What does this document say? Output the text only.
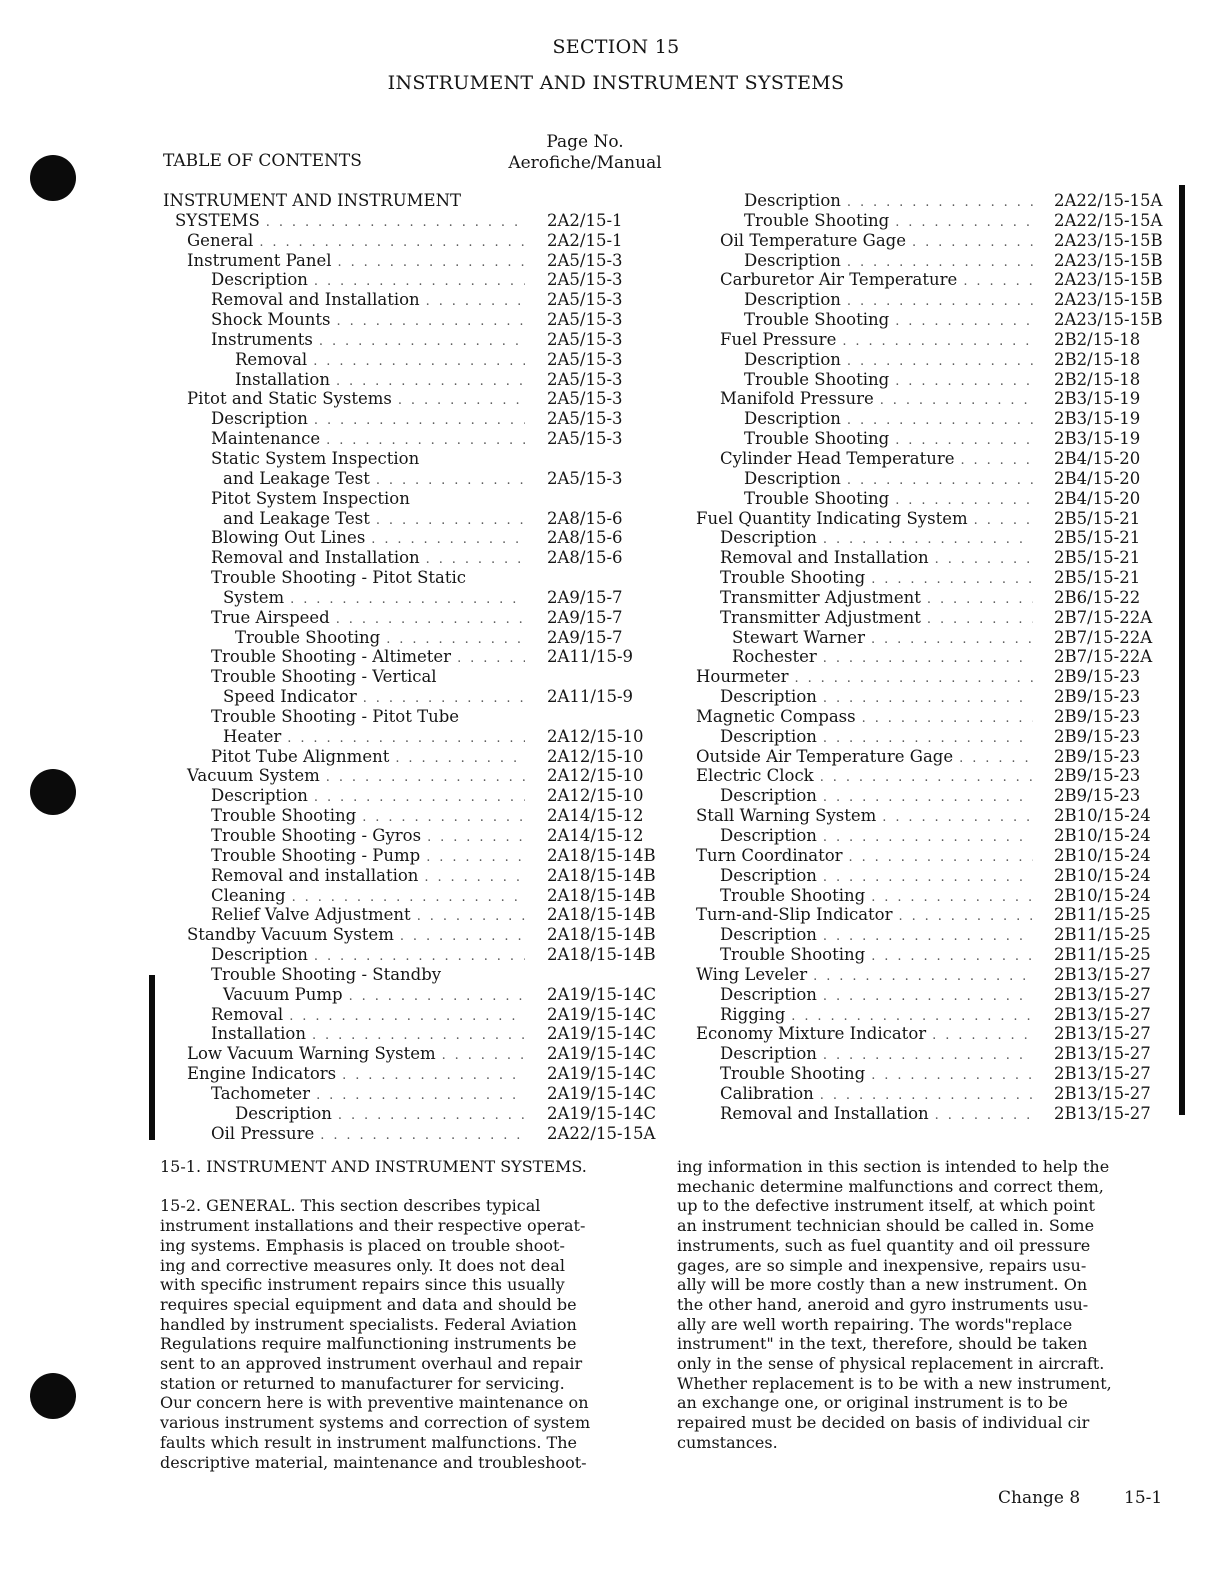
SECTION 15
INSTRUMENT AND INSTRUMENT SYSTEMS
TABLE OF CONTENTS
Page No.
Aerofiche/Manual
INSTRUMENT AND INSTRUMENT
SYSTEMS . . .	2A2/15-1
General . . .	2A2/15-1
Instrument Panel . . .	2A5/15-3
Description . . .	2A5/15-3
Removal and Installation . . .	2A5/15-3
Shock Mounts . . .	2A5/15-3
Instruments . . .	2A5/15-3
Removal . . .	2A5/15-3
Installation . . .	2A5/15-3
Pitot and Static Systems . . .	2A5/15-3
Description . . .	2A5/15-3
Maintenance . . .	2A5/15-3
Static System Inspection
and Leakage Test . . .	2A5/15-3
Pitot System Inspection
and Leakage Test . . .	2A8/15-6
Blowing Out Lines . . .	2A8/15-6
Removal and Installation . . .	2A8/15-6
Trouble Shooting - Pitot Static
System . . .	2A9/15-7
True Airspeed . . .	2A9/15-7
Trouble Shooting . . .	2A9/15-7
Trouble Shooting - Altimeter . . .	2A11/15-9
Trouble Shooting - Vertical
Speed Indicator . . .	2A11/15-9
Trouble Shooting - Pitot Tube
Heater . . .	2A12/15-10
Pitot Tube Alignment . . .	2A12/15-10
Vacuum System . . .	2A12/15-10
Description . . .	2A12/15-10
Trouble Shooting . . .	2A14/15-12
Trouble Shooting - Gyros . . .	2A14/15-12
Trouble Shooting - Pump . . .	2A18/15-14B
Removal and installation . . .	2A18/15-14B
Cleaning . . .	2A18/15-14B
Relief Valve Adjustment . . .	2A18/15-14B
Standby Vacuum System . . .	2A18/15-14B
Description . . .	2A18/15-14B
Trouble Shooting - Standby
Vacuum Pump . . .	2A19/15-14C
Removal . . .	2A19/15-14C
Installation . . .	2A19/15-14C
Low Vacuum Warning System . . .	2A19/15-14C
Engine Indicators . . .	2A19/15-14C
Tachometer . . .	2A19/15-14C
Description . . .	2A19/15-14C
Oil Pressure . . .	2A22/15-15A
Description . . .	2A22/15-15A
Trouble Shooting . . .	2A22/15-15A
Oil Temperature Gage . . .	2A23/15-15B
Description . . .	2A23/15-15B
Carburetor Air Temperature . . .	2A23/15-15B
Description . . .	2A23/15-15B
Trouble Shooting . . .	2A23/15-15B
Fuel Pressure . . .	2B2/15-18
Description . . .	2B2/15-18
Trouble Shooting . . .	2B2/15-18
Manifold Pressure . . .	2B3/15-19
Description . . .	2B3/15-19
Trouble Shooting . . .	2B3/15-19
Cylinder Head Temperature . . .	2B4/15-20
Description . . .	2B4/15-20
Trouble Shooting . . .	2B4/15-20
Fuel Quantity Indicating System . . .	2B5/15-21
Description . . .	2B5/15-21
Removal and Installation . . .	2B5/15-21
Trouble Shooting . . .	2B5/15-21
Transmitter Adjustment . . .	2B6/15-22
Transmitter Adjustment . . .	2B7/15-22A
Stewart Warner . . .	2B7/15-22A
Rochester . . .	2B7/15-22A
Hourmeter . . .	2B9/15-23
Description . . .	2B9/15-23
Magnetic Compass . . .	2B9/15-23
Description . . .	2B9/15-23
Outside Air Temperature Gage . . .	2B9/15-23
Electric Clock . . .	2B9/15-23
Description . . .	2B9/15-23
Stall Warning System . . .	2B10/15-24
Description . . .	2B10/15-24
Turn Coordinator . . .	2B10/15-24
Description . . .	2B10/15-24
Trouble Shooting . . .	2B10/15-24
Turn-and-Slip Indicator . . .	2B11/15-25
Description . . .	2B11/15-25
Trouble Shooting . . .	2B11/15-25
Wing Leveler . . .	2B13/15-27
Description . . .	2B13/15-27
Rigging . . .	2B13/15-27
Economy Mixture Indicator . . .	2B13/15-27
Description . . .	2B13/15-27
Trouble Shooting . . .	2B13/15-27
Calibration . . .	2B13/15-27
Removal and Installation . . .	2B13/15-27

15-1. INSTRUMENT AND INSTRUMENT SYSTEMS.

15-2. GENERAL. This section describes typical

instrument installations and their respective operat-

ing systems. Emphasis is placed on trouble shoot-

ing and corrective measures only. It does not deal

with specific instrument repairs since this usually

requires special equipment and data and should be

handled by instrument specialists. Federal Aviation

Regulations require malfunctioning instruments be

sent to an approved instrument overhaul and repair

station or returned to manufacturer for servicing.

Our concern here is with preventive maintenance on

various instrument systems and correction of system

faults which result in instrument malfunctions. The

descriptive material, maintenance and troubleshoot-

ing information in this section is intended to help the

mechanic determine malfunctions and correct them,

up to the defective instrument itself, at which point

an instrument technician should be called in. Some

instruments, such as fuel quantity and oil pressure

gages, are so simple and inexpensive, repairs usu-

ally will be more costly than a new instrument. On

the other hand, aneroid and gyro instruments usu-

ally are well worth repairing. The words"replace

instrument" in the text, therefore, should be taken

only in the sense of physical replacement in aircraft.

Whether replacement is to be with a new instrument,

an exchange one, or original instrument is to be

repaired must be decided on basis of individual cir

cumstances.

Change 8	15-1
